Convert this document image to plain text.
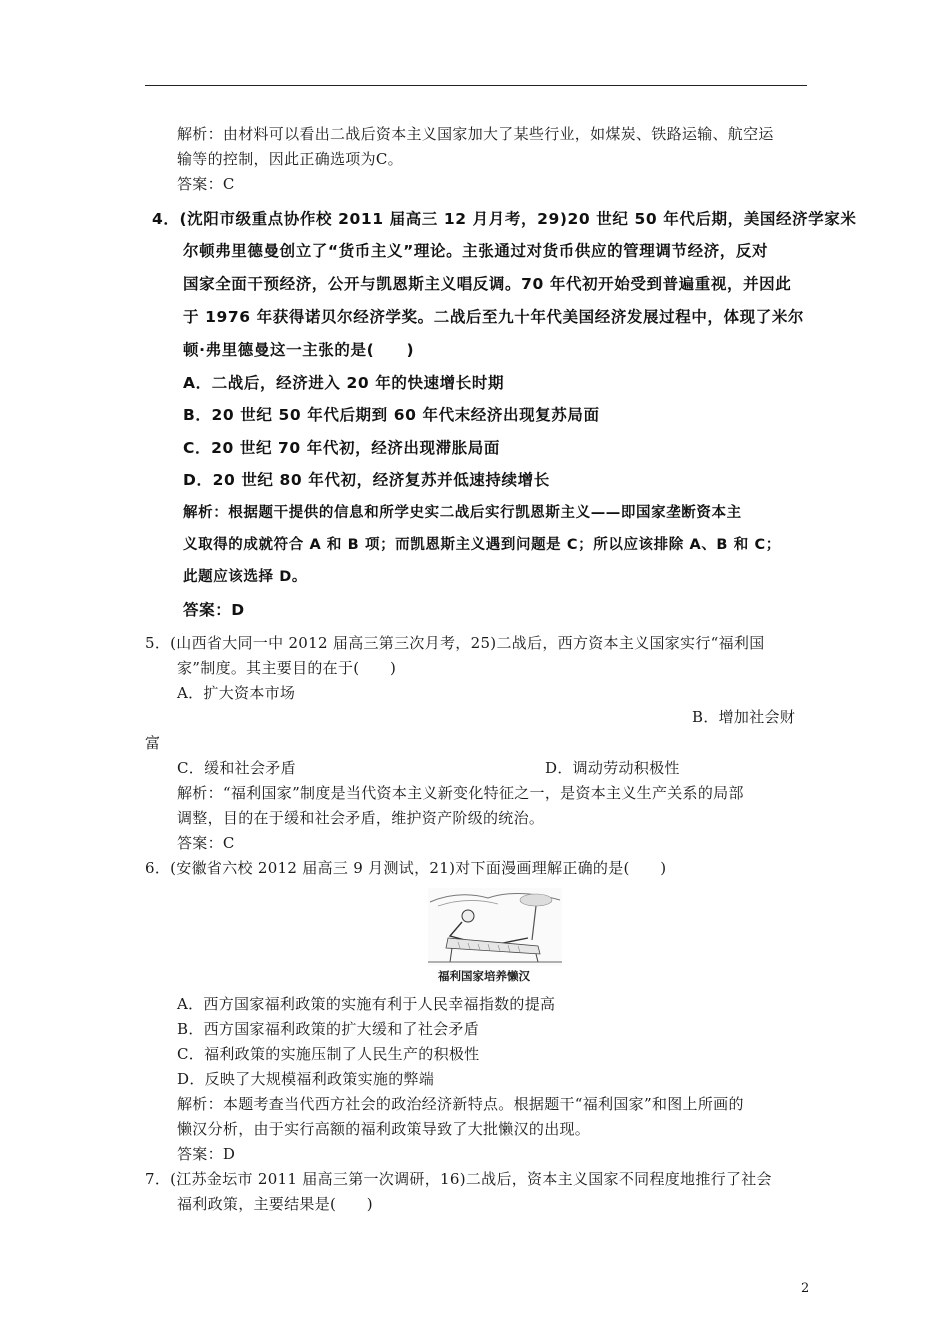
解析：由材料可以看出二战后资本主义国家加大了某些行业，如煤炭、铁路运输、航空运
输等的控制，因此正确选项为C。
答案：C
4．(沈阳市级重点协作校 2011 届高三 12 月月考，29)20 世纪 50 年代后期，美国经济学家米
尔顿弗里德曼创立了“货币主义”理论。主张通过对货币供应的管理调节经济，反对
国家全面干预经济，公开与凯恩斯主义唱反调。70 年代初开始受到普遍重视，并因此
于 1976 年获得诺贝尔经济学奖。二战后至九十年代美国经济发展过程中，体现了米尔
顿·弗里德曼这一主张的是(　　)
A．二战后，经济进入 20 年的快速增长时期
B．20 世纪 50 年代后期到 60 年代末经济出现复苏局面
C．20 世纪 70 年代初，经济出现滞胀局面
D．20 世纪 80 年代初，经济复苏并低速持续增长
解析：根据题干提供的信息和所学史实二战后实行凯恩斯主义——即国家垄断资本主
义取得的成就符合 A 和 B 项；而凯恩斯主义遇到问题是 C；所以应该排除 A、B 和 C；
此题应该选择 D。
答案：D
5．(山西省大同一中 2012 届高三第三次月考，25)二战后，西方资本主义国家实行“福利国
家”制度。其主要目的在于(　　)
A．扩大资本市场
B．增加社会财
富
C．缓和社会矛盾	D．调动劳动积极性
解析：“福利国家”制度是当代资本主义新变化特征之一，是资本主义生产关系的局部
调整，目的在于缓和社会矛盾，维护资产阶级的统治。
答案：C
6．(安徽省六校 2012 届高三 9 月测试，21)对下面漫画理解正确的是(　　)
福利国家培养懒汉
A．西方国家福利政策的实施有利于人民幸福指数的提高
B．西方国家福利政策的扩大缓和了社会矛盾
C．福利政策的实施压制了人民生产的积极性
D．反映了大规模福利政策实施的弊端
解析：本题考查当代西方社会的政治经济新特点。根据题干“福利国家”和图上所画的
懒汉分析，由于实行高额的福利政策导致了大批懒汉的出现。
答案：D
7．(江苏金坛市 2011 届高三第一次调研，16)二战后，资本主义国家不同程度地推行了社会
福利政策，主要结果是(　　)
2
